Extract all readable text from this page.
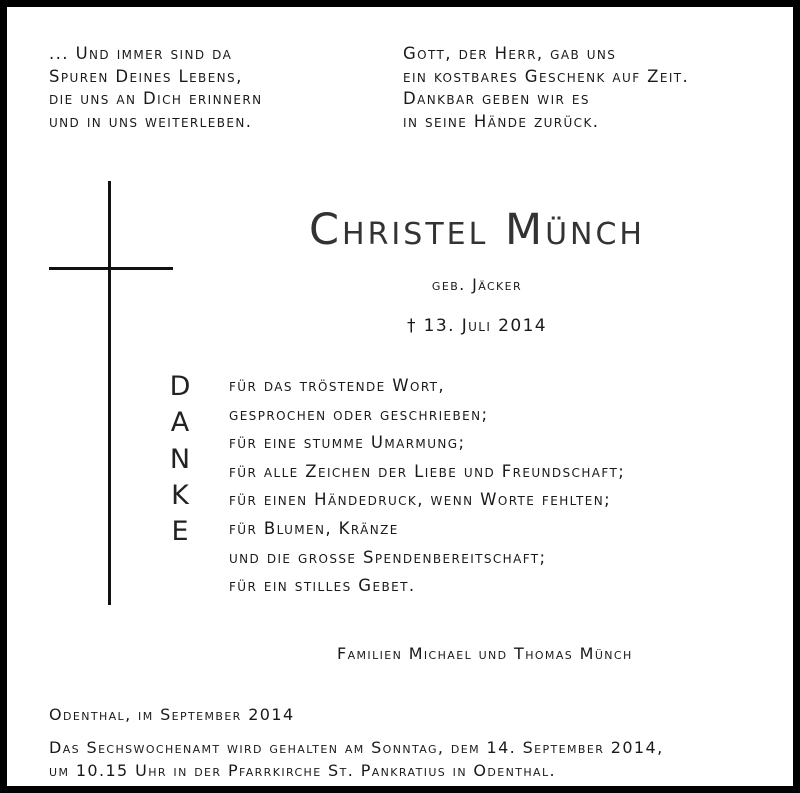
... Und immer sind da
Spuren Deines Lebens,
die uns an Dich erinnern
und in uns weiterleben.
Gott, der Herr, gab uns
ein kostbares Geschenk auf Zeit.
Dankbar geben wir es
in seine Hände zurück.
Christel Münch
geb. Jäcker
† 13. Juli 2014
D
A
N
K
E
für das tröstende Wort,
gesprochen oder geschrieben;
für eine stumme Umarmung;
für alle Zeichen der Liebe und Freundschaft;
für einen Händedruck, wenn Worte fehlten;
für Blumen, Kränze
und die grosse Spendenbereitschaft;
für ein stilles Gebet.
Familien Michael und Thomas Münch
Odenthal, im September 2014
Das Sechswochenamt wird gehalten am Sonntag, dem 14. September 2014,
um 10.15 Uhr in der Pfarrkirche St. Pankratius in Odenthal.
